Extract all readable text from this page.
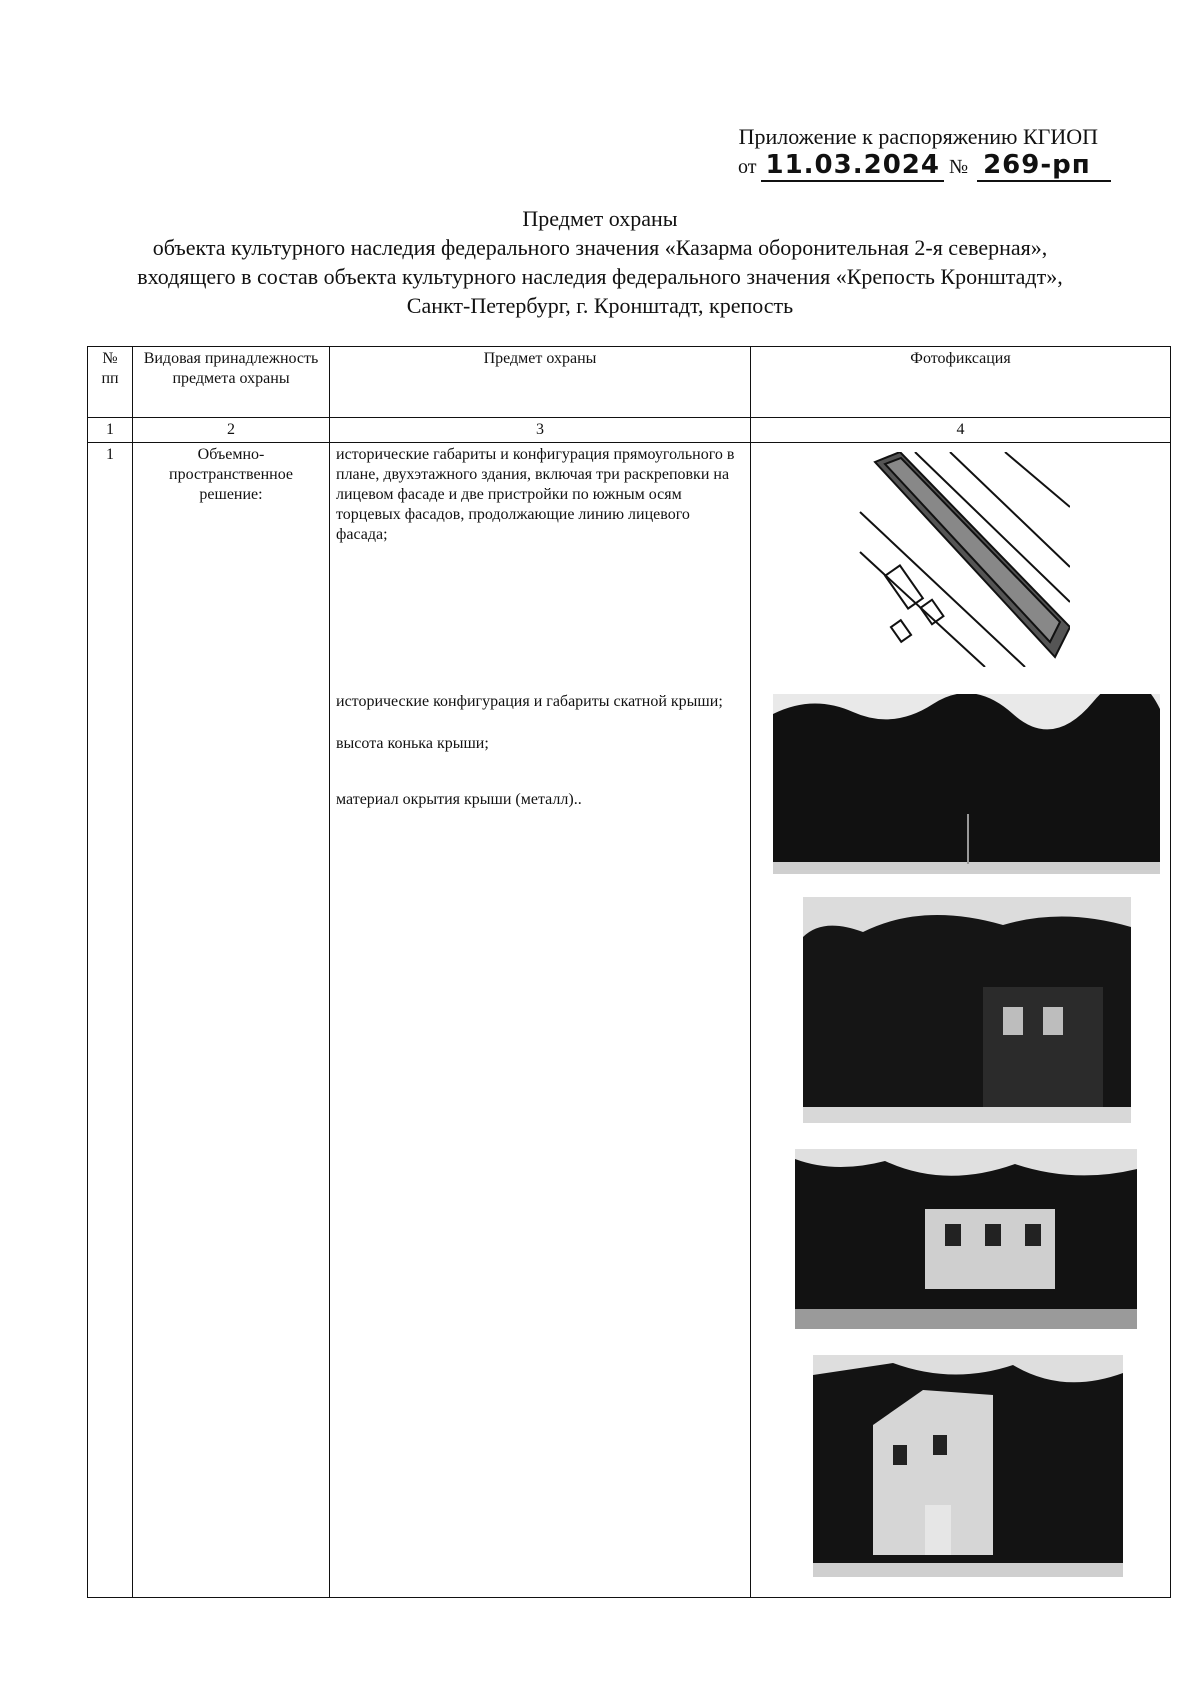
Приложение к распоряжению КГИОП
от 11.03.2024 № 269-рп
Предмет охраны
объекта культурного наследия федерального значения «Казарма оборонительная 2-я северная»,
входящего в состав объекта культурного наследия федерального значения «Крепость Кронштадт»,
Санкт-Петербург, г. Кронштадт, крепость
№ пп	Видовая принадлежность предмета охраны	Предмет охраны	Фотофиксация
1	2	3	4
1	Объемно-пространственное решение:	исторические габариты и конфигурация прямоугольного в плане, двухэтажного здания, включая три раскреповки на лицевом фасаде и две пристройки по южным осям торцевых фасадов, продолжающие линию лицевого фасада;

исторические конфигурация и габариты скатной крыши;

высота конька крыши;

материал окрытия крыши (металл)..	
